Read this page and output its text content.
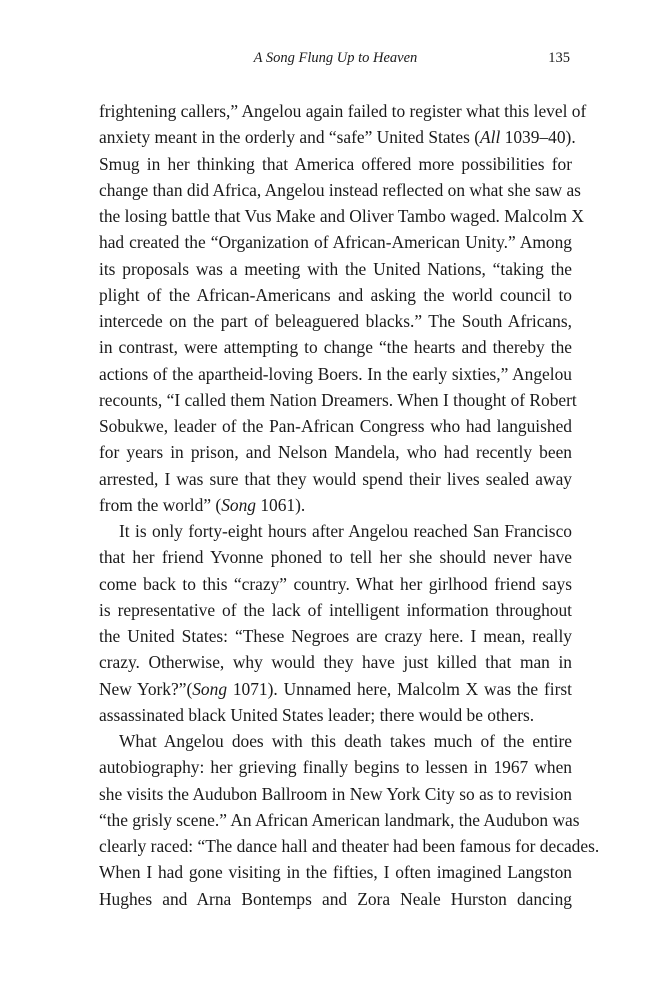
A Song Flung Up to Heaven	135
frightening callers,” Angelou again failed to register what this level of
anxiety meant in the orderly and “safe” United States (All 1039–40).
Smug in her thinking that America offered more possibilities for
change than did Africa, Angelou instead reflected on what she saw as
the losing battle that Vus Make and Oliver Tambo waged. Malcolm X
had created the “Organization of African-American Unity.” Among
its proposals was a meeting with the United Nations, “taking the
plight of the African-Americans and asking the world council to
intercede on the part of beleaguered blacks.” The South Africans,
in contrast, were attempting to change “the hearts and thereby the
actions of the apartheid-loving Boers. In the early sixties,” Angelou
recounts, “I called them Nation Dreamers. When I thought of Robert
Sobukwe, leader of the Pan-African Congress who had languished
for years in prison, and Nelson Mandela, who had recently been
arrested, I was sure that they would spend their lives sealed away
from the world” (Song 1061).
It is only forty-eight hours after Angelou reached San Francisco
that her friend Yvonne phoned to tell her she should never have
come back to this “crazy” country. What her girlhood friend says
is representative of the lack of intelligent information throughout
the United States: “These Negroes are crazy here. I mean, really
crazy. Otherwise, why would they have just killed that man in
New York?”(Song 1071). Unnamed here, Malcolm X was the first
assassinated black United States leader; there would be others.
What Angelou does with this death takes much of the entire
autobiography: her grieving finally begins to lessen in 1967 when
she visits the Audubon Ballroom in New York City so as to revision
“the grisly scene.” An African American landmark, the Audubon was
clearly raced: “The dance hall and theater had been famous for decades.
When I had gone visiting in the fifties, I often imagined Langston
Hughes and Arna Bontemps and Zora Neale Hurston dancing
